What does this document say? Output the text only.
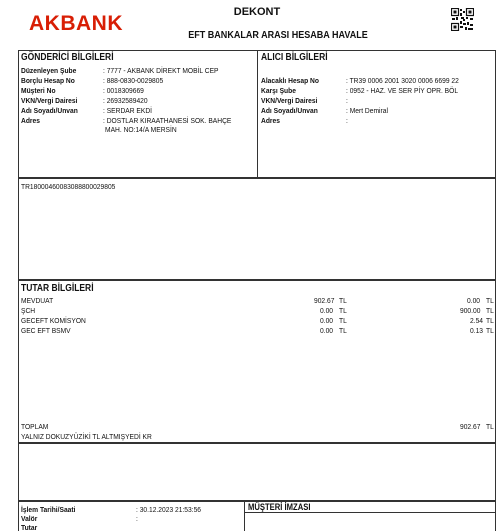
AKBANK	DEKONT
EFT BANKALAR ARASI HESABA HAVALE
GÖNDERİCİ BİLGİLERİ	ALICI BİLGİLERİ
Düzenleyen Şube	: 7777 - AKBANK DİREKT MOBİL CEP
Borçlu Hesap No	: 888-0830-0029805
Müşteri No	: 0018309669
VKN/Vergi Dairesi	: 26932589420
Adı Soyadı/Unvan	: SERDAR EKDİ
Adres	: DOSTLAR KIRAATHANESİ SOK. BAHÇE
MAH. NO:14/A MERSİN
Alacaklı Hesap No	: TR39 0006 2001 3020 0006 6699 22
Karşı Şube	: 0952 - HAZ. VE SER PİY OPR. BÖL
VKN/Vergi Dairesi	:
Adı Soyadı/Unvan	: Mert Demiral
Adres	:
TR18000460083088800029805
TUTAR BİLGİLERİ
MEVDUAT	902.67 TL	0.00 TL
ŞCH	0.00 TL	900.00 TL
GECEFT KOMİSYON	0.00 TL	2.54 TL
GEC EFT BSMV	0.00 TL	0.13 TL
TOPLAM	902.67 TL
YALNIZ DOKUZYÜZİKİ TL ALTMIŞYEDİ KR
İşlem Tarihi/Saati	: 30.12.2023 21:53:56
Valör	:
Tutar
MÜŞTERİ İMZASI
